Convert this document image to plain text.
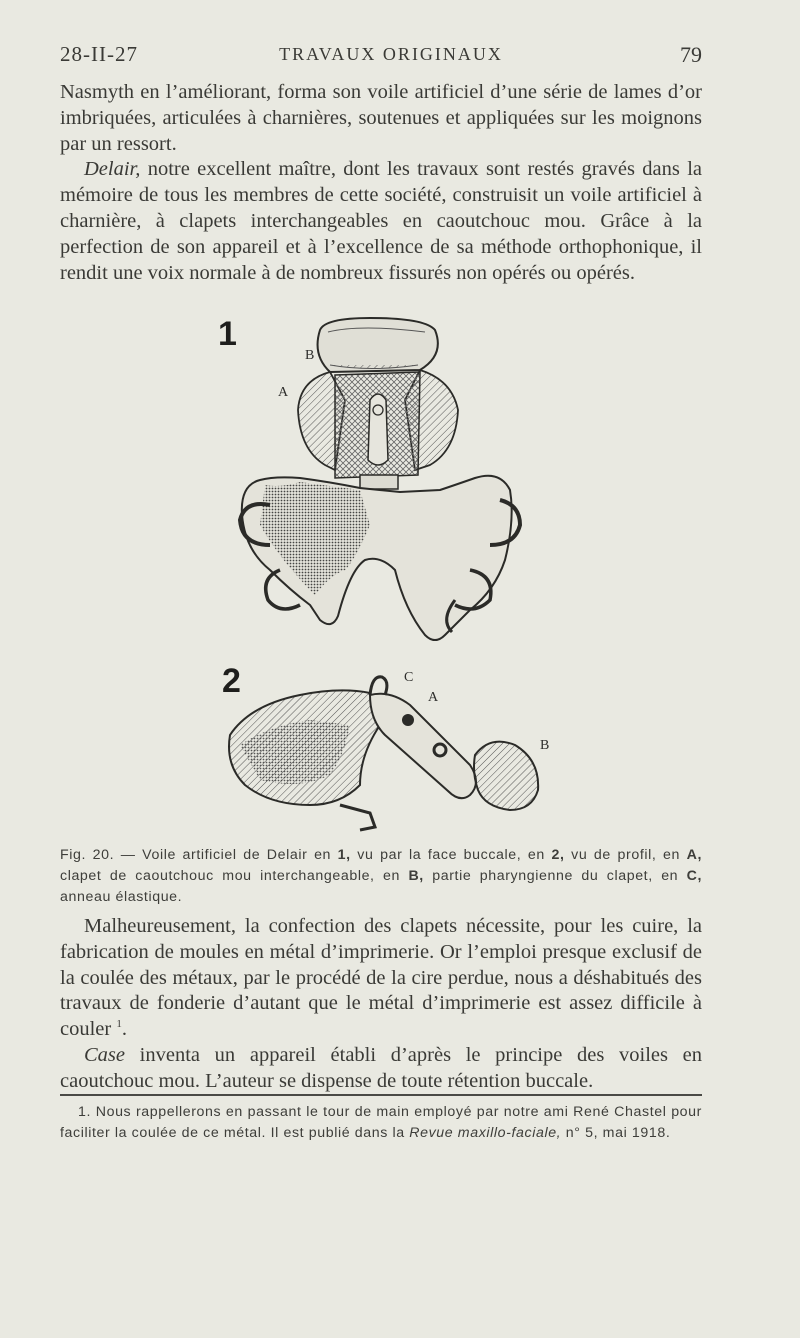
28-II-27	TRAVAUX ORIGINAUX	79

Nasmyth en l’améliorant, forma son voile artificiel d’une série de lames d’or imbriquées, articulées à charnières, soutenues et appliquées sur les moignons par un ressort.

Delair, notre excellent maître, dont les travaux sont restés gravés dans la mémoire de tous les membres de cette société, construisit un voile artificiel à charnière, à clapets interchangeables en caoutchouc mou. Grâce à la perfection de son appareil et à l’excellence de sa méthode orthophonique, il rendit une voix normale à de nombreux fissurés non opérés ou opérés.

1
B
A
2	C
A
B

Fig. 20. — Voile artificiel de Delair en 1, vu par la face buccale, en 2, vu de profil, en A, clapet de caoutchouc mou interchangeable, en B, partie pharyngienne du clapet, en C, anneau élastique.

Malheureusement, la confection des clapets nécessite, pour les cuire, la fabrication de moules en métal d’imprimerie. Or l’emploi presque exclusif de la coulée des métaux, par le procédé de la cire perdue, nous a déshabitués des travaux de fonderie d’autant que le métal d’imprimerie est assez difficile à couler $^1$.

Case inventa un appareil établi d’après le principe des voiles en caoutchouc mou. L’auteur se dispense de toute rétention buccale.

1. Nous rappellerons en passant le tour de main employé par notre ami René Chastel pour faciliter la coulée de ce métal. Il est publié dans la Revue maxillo-faciale, n° 5, mai 1918.
